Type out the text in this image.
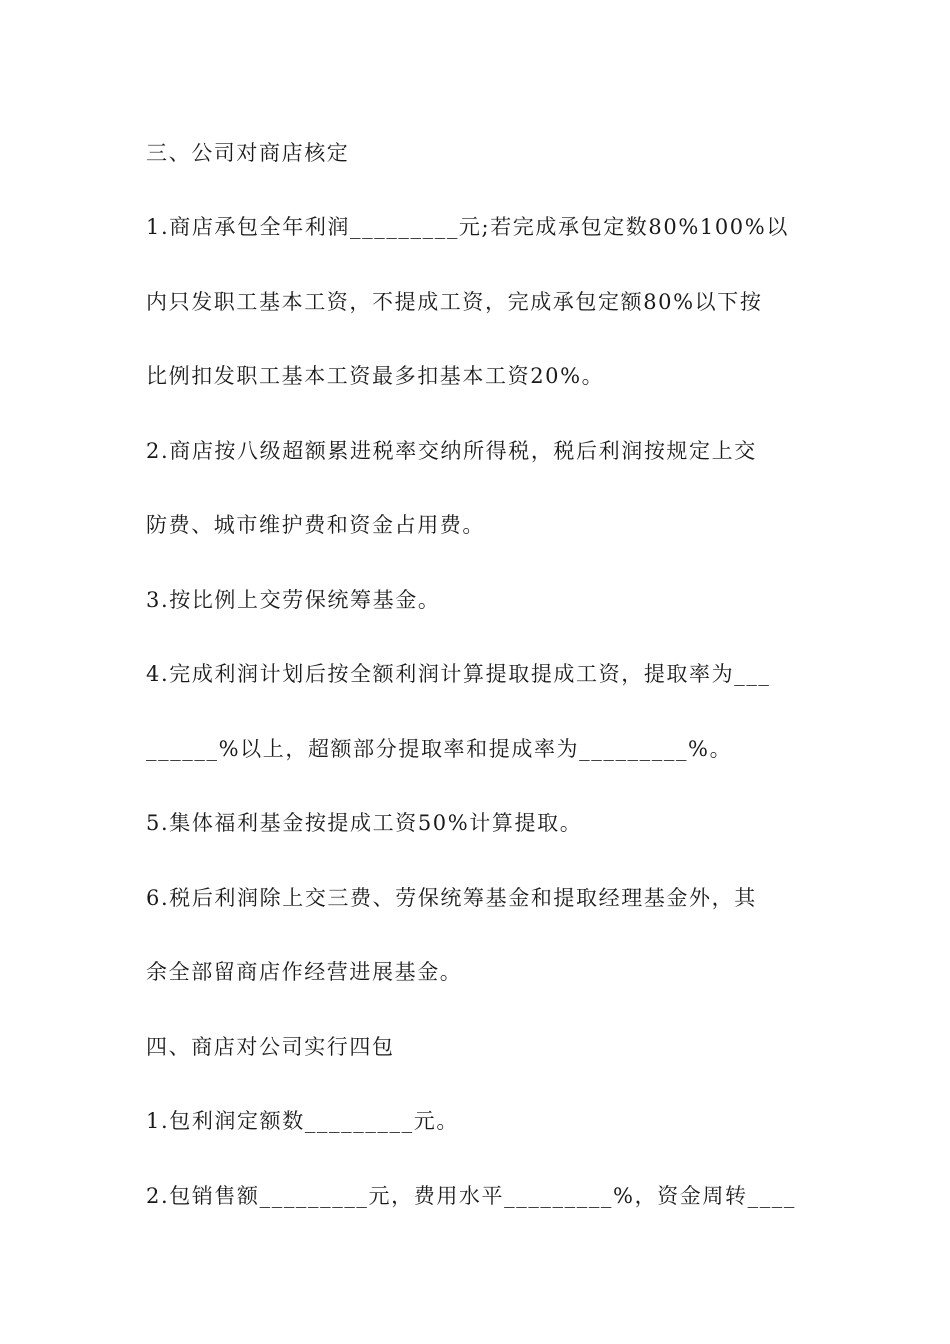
三、公司对商店核定
1.商店承包全年利润_________元;若完成承包定数80%100%以
内只发职工基本工资，不提成工资，完成承包定额80%以下按
比例扣发职工基本工资最多扣基本工资20%。
2.商店按八级超额累进税率交纳所得税，税后利润按规定上交
防费、城市维护费和资金占用费。
3.按比例上交劳保统筹基金。
4.完成利润计划后按全额利润计算提取提成工资，提取率为___
______%以上，超额部分提取率和提成率为_________%。
5.集体福利基金按提成工资50%计算提取。
6.税后利润除上交三费、劳保统筹基金和提取经理基金外，其
余全部留商店作经营进展基金。
四、商店对公司实行四包
1.包利润定额数_________元。
2.包销售额_________元，费用水平_________%，资金周转____
